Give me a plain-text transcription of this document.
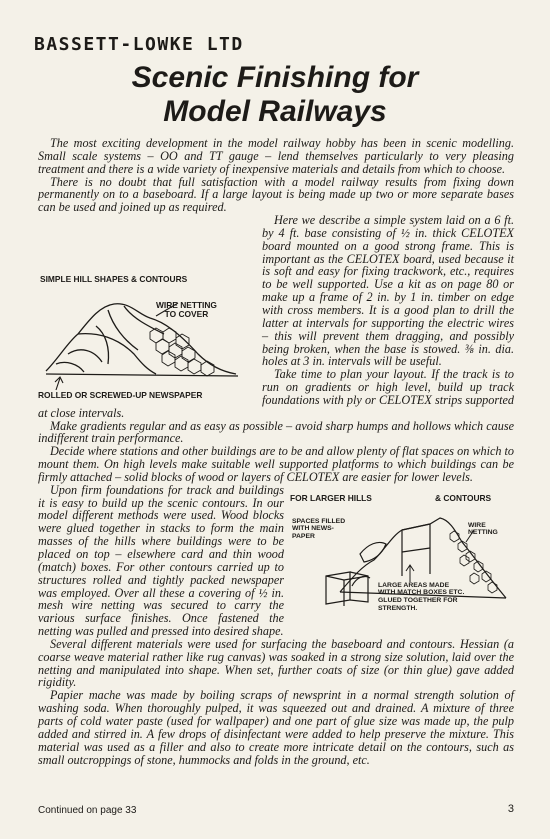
BASSETT-LOWKE LTD
Scenic Finishing for
Model Railways

The most exciting development in the model railway hobby has been in scenic modelling. Small scale systems – OO and TT gauge – lend themselves particularly to very pleasing treatment and there is a wide variety of inexpensive materials and details from which to choose.

There is no doubt that full satisfaction with a model railway results from fixing down permanently on to a baseboard. If a large layout is being made up two or more separate bases can be used and joined up as required.

SIMPLE HILL SHAPES & CONTOURS
WIRE NETTING
TO COVER
ROLLED OR SCREWED-UP NEWSPAPER

Here we describe a simple system laid on a 6 ft. by 4 ft. base consisting of ½ in. thick CELOTEX board mounted on a good strong frame. This is important as the CELOTEX board, used because it is soft and easy for fixing trackwork, etc., requires to be well supported. Use a kit as on page 80 or make up a frame of 2 in. by 1 in. timber on edge with cross members. It is a good plan to drill the latter at intervals for supporting the electric wires – this will prevent them dragging, and possibly being broken, when the base is stowed. ⅜ in. dia. holes at 3 in. intervals will be useful.

Take time to plan your layout. If the track is to run on gradients or high level, build up track foundations with ply or CELOTEX strips supported at close intervals.

Make gradients regular and as easy as possible – avoid sharp humps and hollows which cause indifferent train performance.

Decide where stations and other buildings are to be and allow plenty of flat spaces on which to mount them. On high levels make suitable well supported platforms to which buildings can be firmly attached – solid blocks of wood or layers of CELOTEX are easier for lower levels.

FOR LARGER HILLS	& CONTOURS
SPACES FILLED
WITH NEWS-
PAPER
WIRE
NETTING
LARGE AREAS MADE
WITH MATCH BOXES ETC.
GLUED TOGETHER FOR
STRENGTH.

Upon firm foundations for track and buildings it is easy to build up the scenic contours. In our model different methods were used. Wood blocks were glued together in stacks to form the main masses of the hills where buildings were to be placed on top – elsewhere card and thin wood (match) boxes. For other contours carried up to structures rolled and tightly packed newspaper was employed. Over all these a covering of ½ in. mesh wire netting was secured to carry the various surface finishes. Once fastened the netting was pulled and pressed into desired shape.

Several different materials were used for surfacing the baseboard and contours. Hessian (a coarse weave material rather like rug canvas) was soaked in a strong size solution, laid over the netting and manipulated into shape. When set, further coats of size (or thin glue) gave added rigidity.

Papier mache was made by boiling scraps of newsprint in a normal strength solution of washing soda. When thoroughly pulped, it was squeezed out and drained. A mixture of three parts of cold water paste (used for wallpaper) and one part of glue size was made up, the pulp added and stirred in. A few drops of disinfectant were added to help preserve the mixture. This material was used as a filler and also to create more intricate detail on the contours, such as small outcroppings of stone, hummocks and folds in the ground, etc.

Continued on page 33	3
